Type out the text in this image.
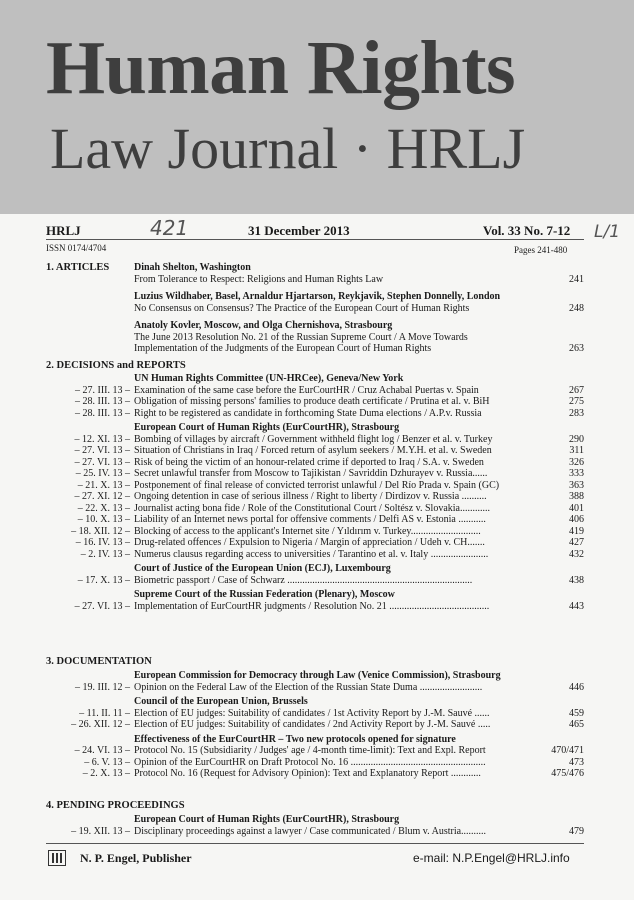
Human Rights
Law Journal · HRLJ
HRLJ	421	31 December 2013	Vol. 33 No. 7-12 L/1
ISSN 0174/4704	Pages 241-480
1. ARTICLES	Dinah Shelton, Washington
From Tolerance to Respect: Religions and Human Rights Law	241
Luzius Wildhaber, Basel, Arnaldur Hjartarson, Reykjavik, Stephen Donnelly, London
No Consensus on Consensus? The Practice of the European Court of Human Rights	248
Anatoly Kovler, Moscow, and Olga Chernishova, Strasbourg
The June 2013 Resolution No. 21 of the Russian Supreme Court / A Move Towards
Implementation of the Judgments of the European Court of Human Rights	263
2. DECISIONS and REPORTS
UN Human Rights Committee (UN-HRCee), Geneva/New York
– 27. III. 13 – Examination of the same case before the EurCourtHR / Cruz Achabal Puertas v. Spain	267
– 28. III. 13 – Obligation of missing persons' families to produce death certificate / Prutina et al. v. BiH	275
– 28. III. 13 – Right to be registered as candidate in forthcoming State Duma elections / A.P.v. Russia	283
European Court of Human Rights (EurCourtHR), Strasbourg
– 12. XI. 13 – Bombing of villages by aircraft / Government withheld flight log / Benzer et al. v. Turkey	290
– 27. VI. 13 – Situation of Christians in Iraq / Forced return of asylum seekers / M.Y.H. et al. v. Sweden	311
– 27. VI. 13 – Risk of being the victim of an honour-related crime if deported to Iraq / S.A. v. Sweden	326
– 25. IV. 13 – Secret unlawful transfer from Moscow to Tajikistan / Savriddin Dzhurayev v. Russia......	333
– 21. X. 13 – Postponement of final release of convicted terrorist unlawful / Del Río Prada v. Spain (GC)	363
– 27. XI. 12 – Ongoing detention in case of serious illness / Right to liberty / Dirdizov v. Russia ..........	388
– 22. X. 13 – Journalist acting bona fide / Role of the Constitutional Court / Soltész v. Slovakia............	401
– 10. X. 13 – Liability of an Internet news portal for offensive comments / Delfi AS v. Estonia ...........	406
– 18. XII. 12 – Blocking of access to the applicant's Internet site / Yıldırım v. Turkey............................	419
– 16. IV. 13 – Drug-related offences / Expulsion to Nigeria / Margin of appreciation / Udeh v. CH.......	427
– 2. IV. 13 – Numerus clausus regarding access to universities / Tarantino et al. v. Italy .......................	432
Court of Justice of the European Union (ECJ), Luxembourg
– 17. X. 13 – Biometric passport / Case of Schwarz ..........................................................................	438
Supreme Court of the Russian Federation (Plenary), Moscow
– 27. VI. 13 – Implementation of EurCourtHR judgments / Resolution No. 21 ........................................	443
3. DOCUMENTATION
European Commission for Democracy through Law (Venice Commission), Strasbourg
– 19. III. 12 – Opinion on the Federal Law of the Election of the Russian State Duma .........................	446
Council of the European Union, Brussels
– 11. II. 11 – Election of EU judges: Suitability of candidates / 1st Activity Report by J.-M. Sauvé ......	459
– 26. XII. 12 – Election of EU judges: Suitability of candidates / 2nd Activity Report by J.-M. Sauvé .....	465
Effectiveness of the EurCourtHR – Two new protocols opened for signature
– 24. VI. 13 – Protocol No. 15 (Subsidiarity / Judges' age / 4-month time-limit): Text and Expl. Report	470/471
– 6. V. 13 – Opinion of the EurCourtHR on Draft Protocol No. 16 ......................................................	473
– 2. X. 13 – Protocol No. 16 (Request for Advisory Opinion): Text and Explanatory Report ............	475/476
4. PENDING PROCEEDINGS
European Court of Human Rights (EurCourtHR), Strasbourg
– 19. XII. 13 – Disciplinary proceedings against a lawyer / Case communicated / Blum v. Austria..........	479
N. P. Engel, Publisher	e-mail: N.P.Engel@HRLJ.info
